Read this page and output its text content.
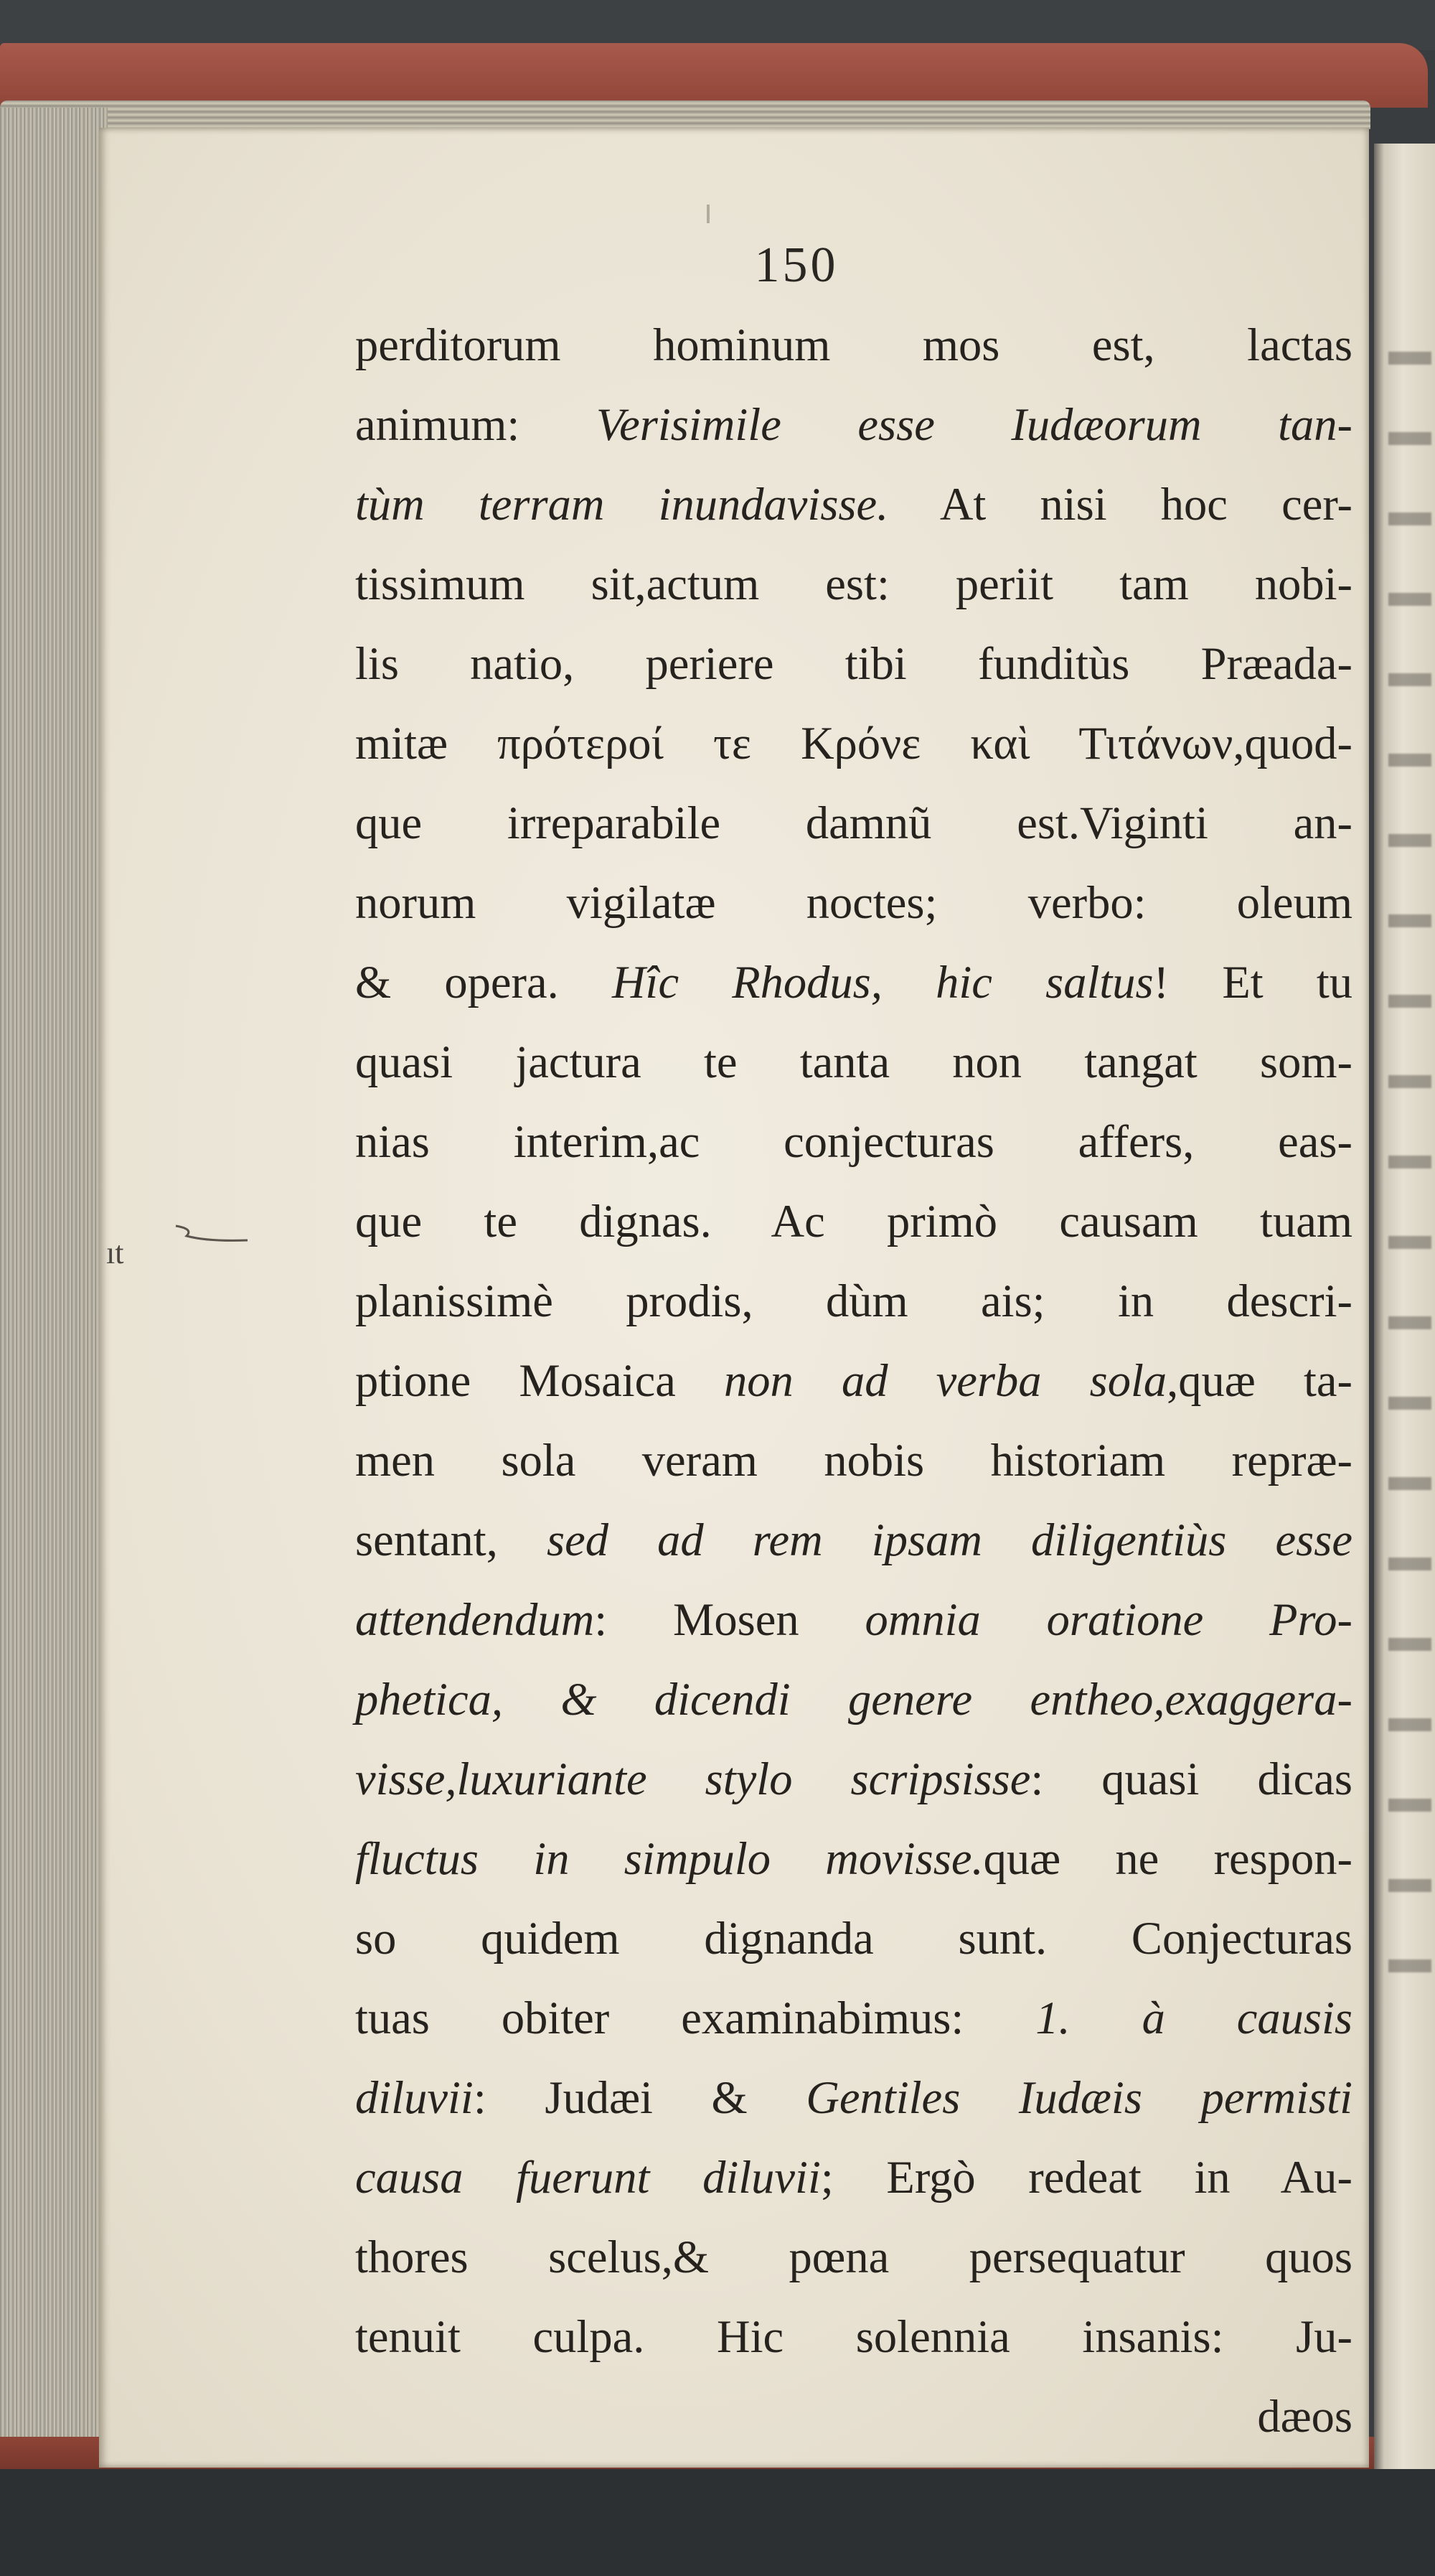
ıt
150
perditorum hominum mos est, lactas
animum: Verisimile esse Iudæorum tan-
tùm terram inundavisse. At nisi hoc cer-
tissimum sit,actum est: periit tam nobi-
lis natio, periere tibi funditùs Præada-
mitæ πρότεροί τε Κρόνε καὶ Τιτάνων,quod-
que irreparabile damnũ est.Viginti an-
norum vigilatæ noctes; verbo: oleum
& opera. Hîc Rhodus, hic saltus! Et tu
quasi jactura te tanta non tangat som-
nias interim,ac conjecturas affers, eas-
que te dignas. Ac primò causam tuam
planissimè prodis, dùm ais; in descri-
ptione Mosaica non ad verba sola,quæ ta-
men sola veram nobis historiam repræ-
sentant, sed ad rem ipsam diligentiùs esse
attendendum: Mosen omnia oratione Pro-
phetica, & dicendi genere entheo,exaggera-
visse,luxuriante stylo scripsisse: quasi dicas
fluctus in simpulo movisse.quæ ne respon-
so quidem dignanda sunt. Conjecturas
tuas obiter examinabimus: 1. à causis
diluvii: Judæi & Gentiles Iudæis permisti
causa fuerunt diluvii; Ergò redeat in Au-
thores scelus,& pœna persequatur quos
tenuit culpa. Hic solennia insanis: Ju-
dæos
